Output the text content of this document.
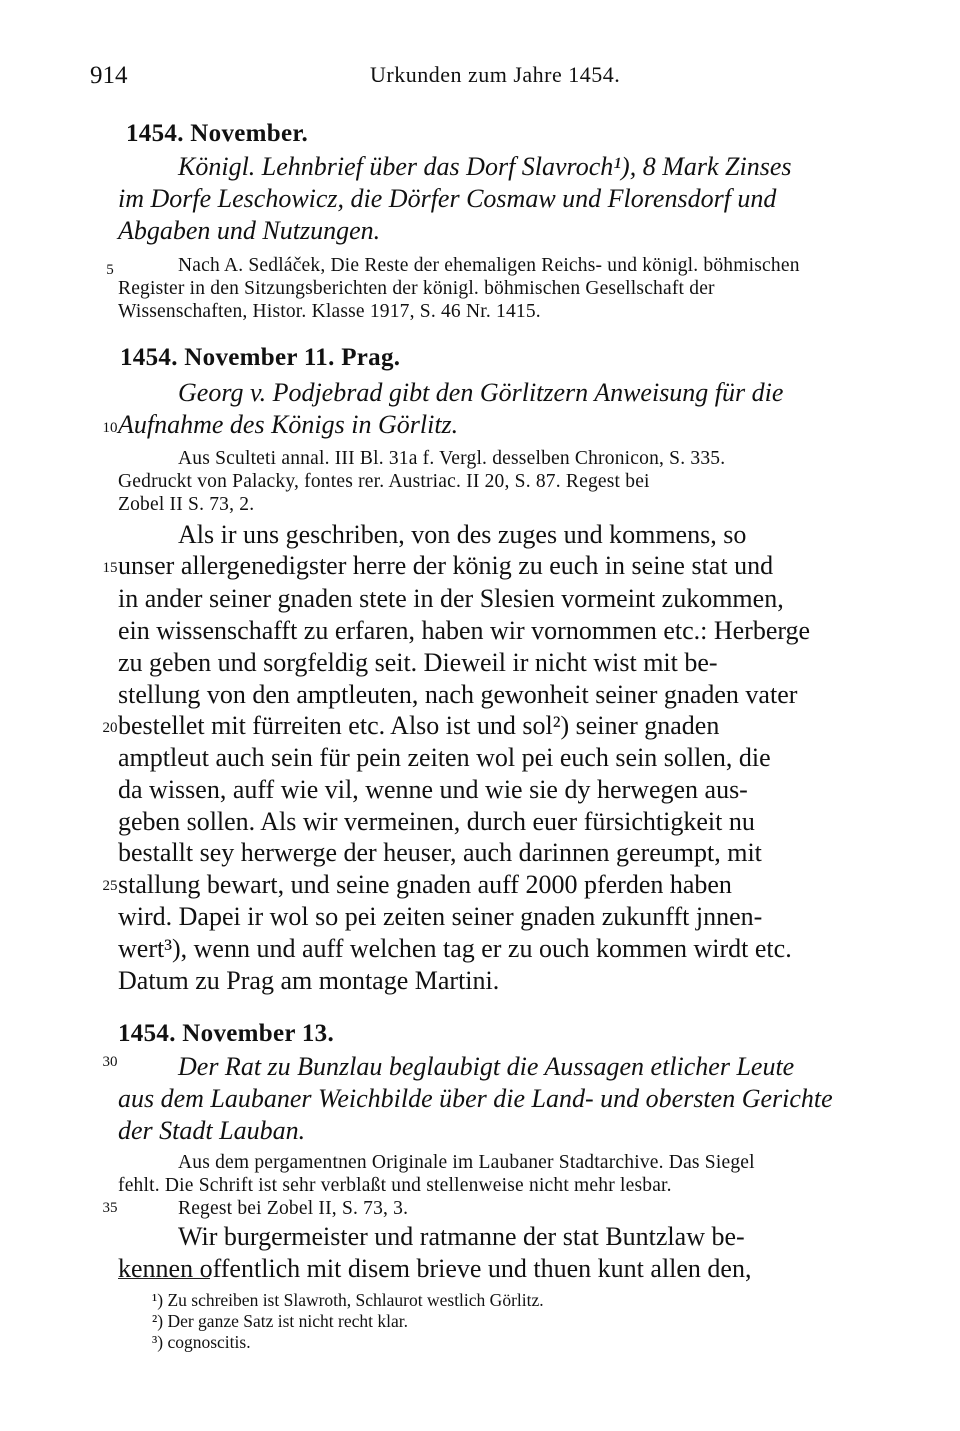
914	Urkunden zum Jahre 1454.
1454. November.
Königl. Lehnbrief über das Dorf Slavroch¹), 8 Mark Zinses
im Dorfe Leschowicz, die Dörfer Cosmaw und Florensdorf und
Abgaben und Nutzungen.
Nach A. Sedláček, Die Reste der ehemaligen Reichs- und königl. böhmischen
Register in den Sitzungsberichten der königl. böhmischen Gesellschaft der
Wissenschaften, Histor. Klasse 1917, S. 46 Nr. 1415.
1454. November 11. Prag.
Georg v. Podjebrad gibt den Görlitzern Anweisung für die
Aufnahme des Königs in Görlitz.
Aus Sculteti annal. III Bl. 31a f. Vergl. desselben Chronicon, S. 335.
Gedruckt von Palacky, fontes rer. Austriac. II 20, S. 87. Regest bei
Zobel II S. 73, 2.
Als ir uns geschriben, von des zuges und kommens, so
unser allergenedigster herre der könig zu euch in seine stat und
in ander seiner gnaden stete in der Slesien vormeint zukommen,
ein wissenschafft zu erfaren, haben wir vornommen etc.: Herberge
zu geben und sorgfeldig seit. Dieweil ir nicht wist mit be-
stellung von den amptleuten, nach gewonheit seiner gnaden vater
bestellet mit fürreiten etc. Also ist und sol²) seiner gnaden
amptleut auch sein für pein zeiten wol pei euch sein sollen, die
da wissen, auff wie vil, wenne und wie sie dy herwegen aus-
geben sollen. Als wir vermeinen, durch euer fürsichtigkeit nu
bestallt sey herwerge der heuser, auch darinnen gereumpt, mit
stallung bewart, und seine gnaden auff 2000 pferden haben
wird. Dapei ir wol so pei zeiten seiner gnaden zukunfft jnnen-
wert³), wenn und auff welchen tag er zu ouch kommen wirdt etc.
Datum zu Prag am montage Martini.
1454. November 13.
Der Rat zu Bunzlau beglaubigt die Aussagen etlicher Leute
aus dem Laubaner Weichbilde über die Land- und obersten Gerichte
der Stadt Lauban.
Aus dem pergamentnen Originale im Laubaner Stadtarchive. Das Siegel
fehlt. Die Schrift ist sehr verblaßt und stellenweise nicht mehr lesbar.
Regest bei Zobel II, S. 73, 3.
Wir burgermeister und ratmanne der stat Buntzlaw be-
kennen offentlich mit disem brieve und thuen kunt allen den,
5
10
15
20
25
30
35
¹) Zu schreiben ist Slawroth, Schlaurot westlich Görlitz.
²) Der ganze Satz ist nicht recht klar.
³) cognoscitis.
